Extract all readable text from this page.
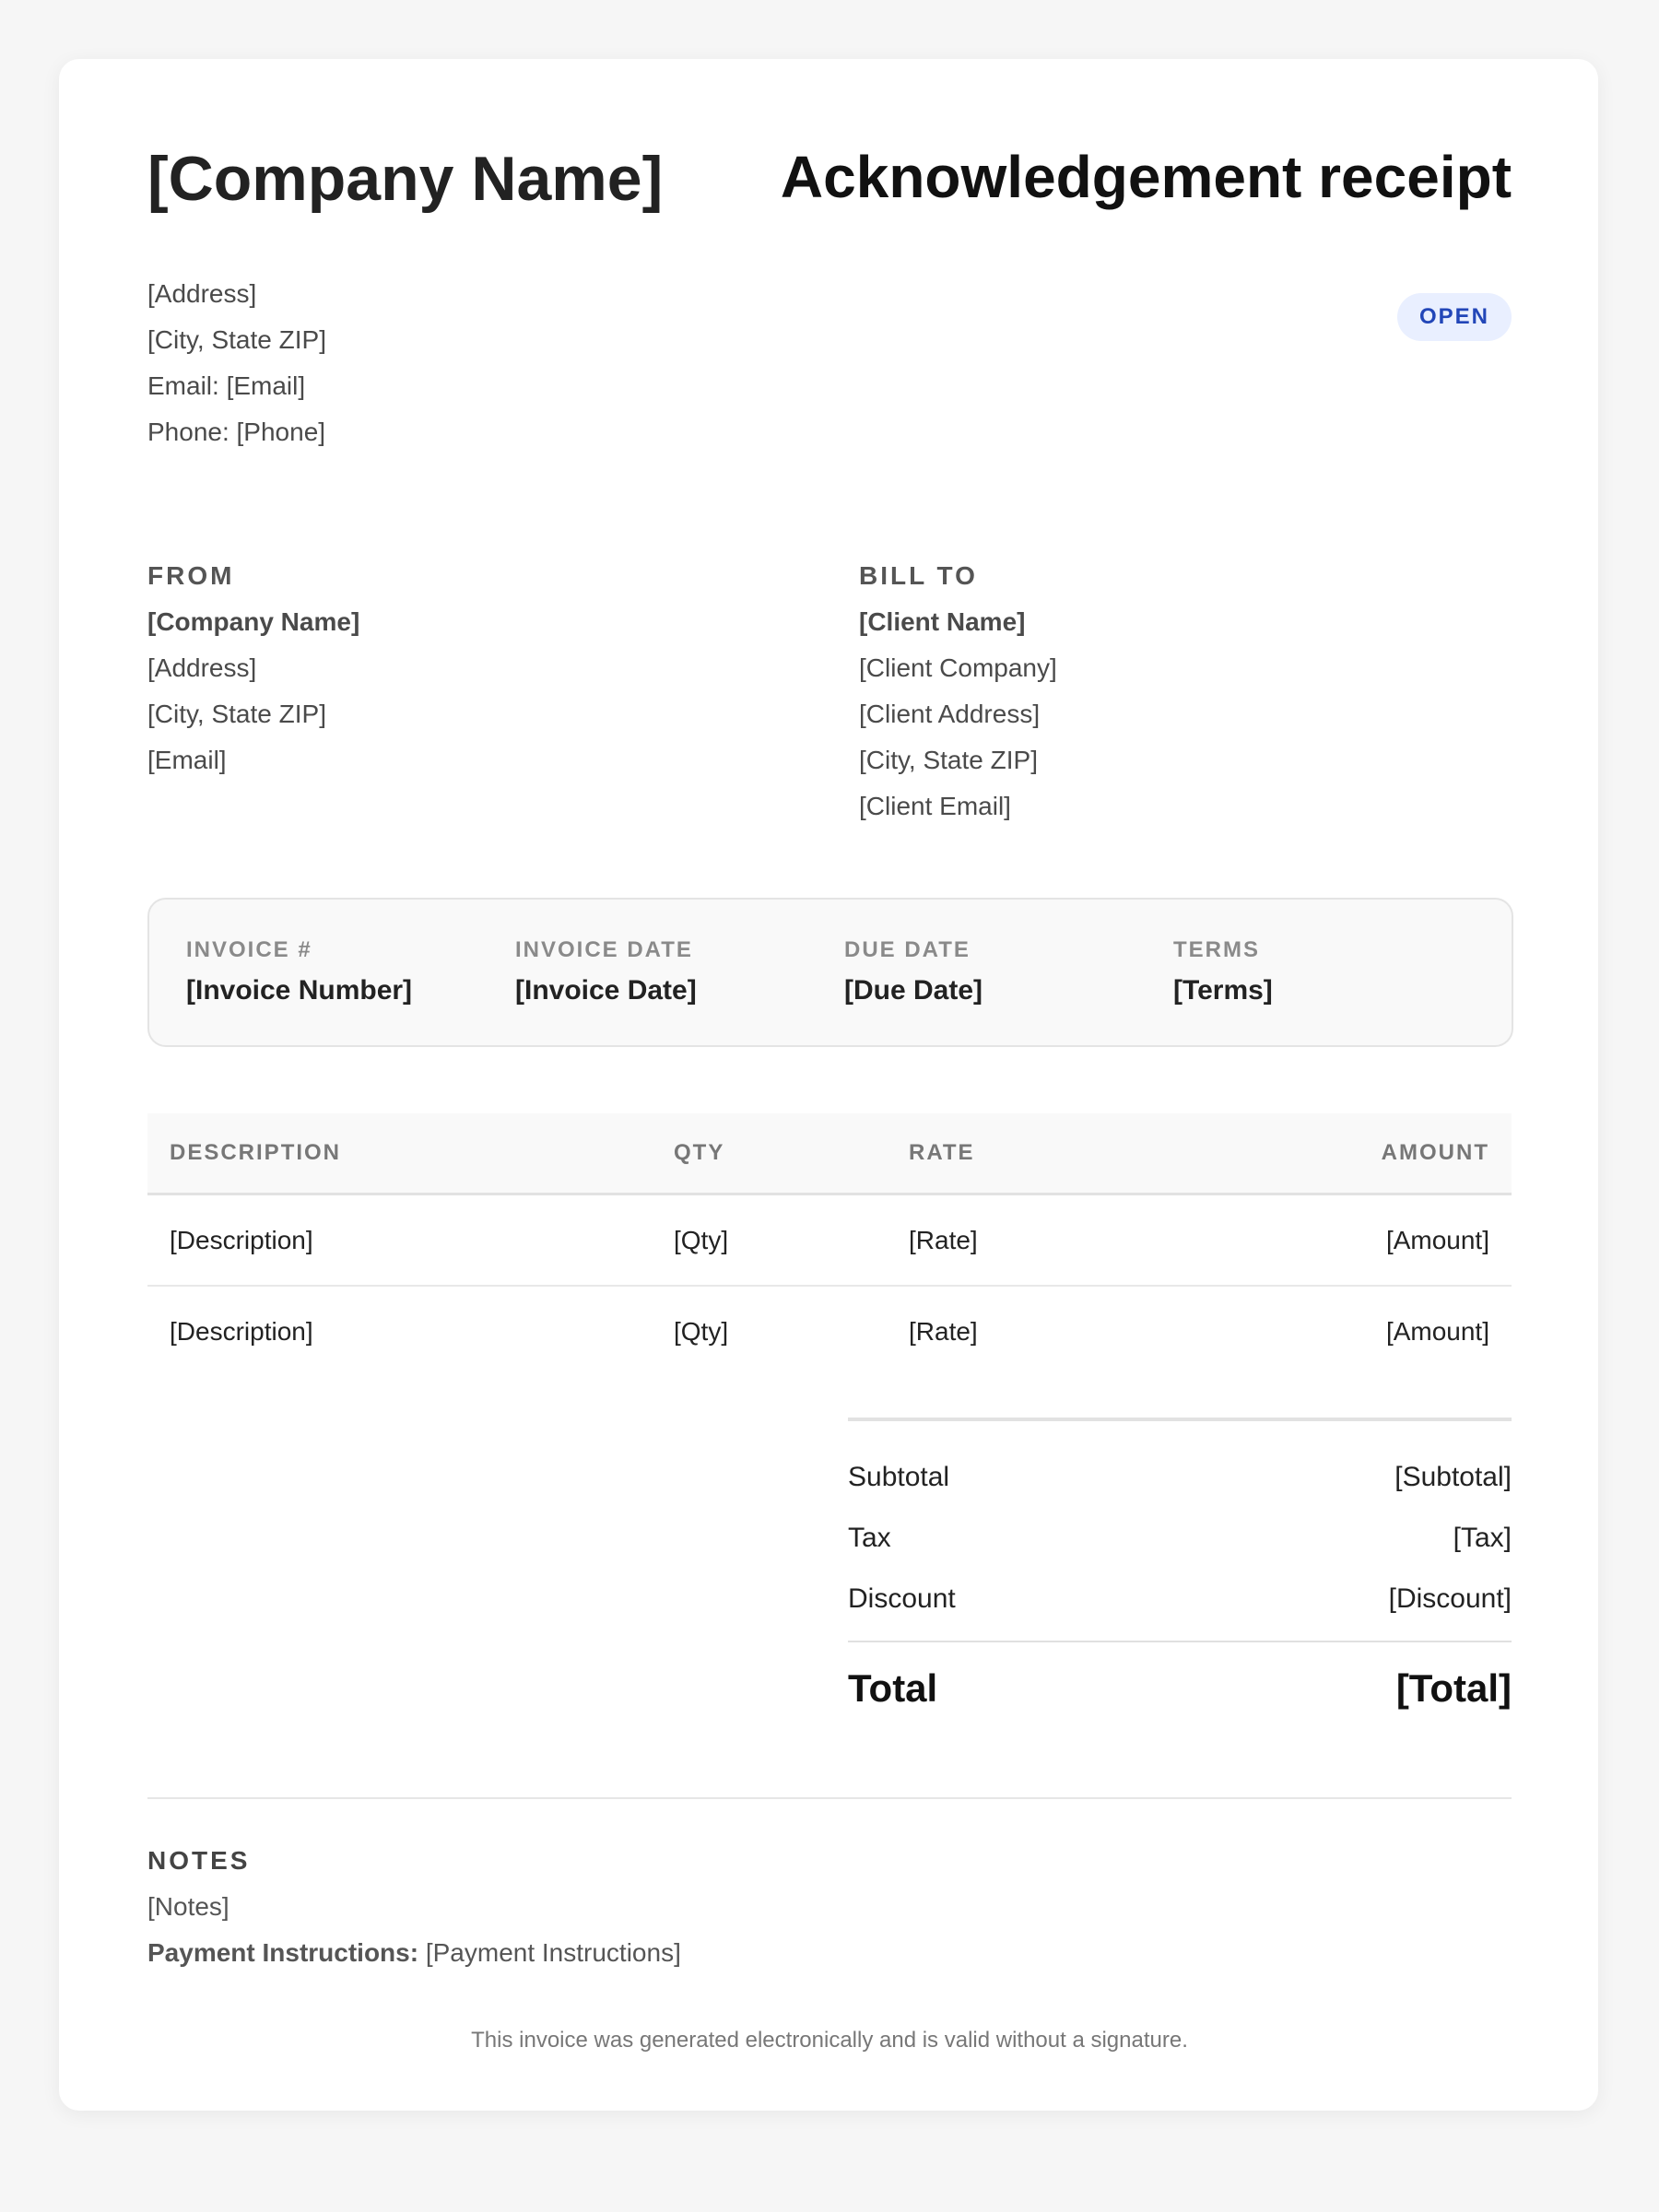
[Company Name]
[Address]
[City, State ZIP]
Email: [Email]
Phone: [Phone]
Acknowledgement receipt
OPEN
FROM
[Company Name]
[Address]
[City, State ZIP]
[Email]
BILL TO
[Client Name]
[Client Company]
[Client Address]
[City, State ZIP]
[Client Email]
INVOICE #
[Invoice Number]
INVOICE DATE
[Invoice Date]
DUE DATE
[Due Date]
TERMS
[Terms]
DESCRIPTION	QTY	RATE	AMOUNT
[Description]	[Qty]	[Rate]	[Amount]
[Description]	[Qty]	[Rate]	[Amount]
Subtotal	[Subtotal]
Tax	[Tax]
Discount	[Discount]
Total	[Total]
NOTES
[Notes]
Payment Instructions: [Payment Instructions]
This invoice was generated electronically and is valid without a signature.
